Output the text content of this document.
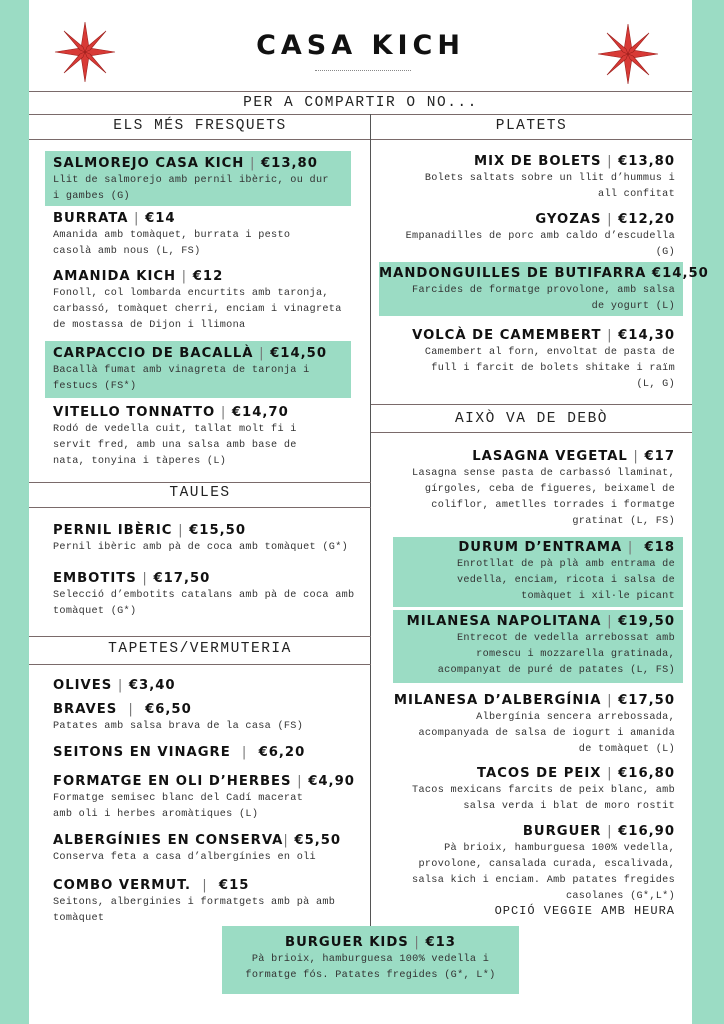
CASA KICH
PER A COMPARTIR O NO...
ELS MÉS FRESQUETS	PLATETS
SALMOREJO CASA KICH | €13,80
Llit de salmorejo amb pernil ibèric, ou dur i gambes (G)
BURRATA | €14
Amanida amb tomàquet, burrata i pesto casolà amb nous (L, FS)
AMANIDA KICH | €12
Fonoll, col lombarda encurtits amb taronja, carbassó, tomàquet cherri, enciam i vinagreta de mostassa de Dijon i llimona
CARPACCIO DE BACALLÀ | €14,50
Bacallà fumat amb vinagreta de taronja i festucs (FS*)
VITELLO TONNATTO | €14,70
Rodó de vedella cuit, tallat molt fi i servit fred, amb una salsa amb base de nata, tonyina i tàperes (L)
TAULES
PERNIL IBÈRIC | €15,50
Pernil ibèric amb pà de coca amb tomàquet (G*)
EMBOTITS | €17,50
Selecció d’embotits catalans amb pà de coca amb tomàquet (G*)
TAPETES/VERMUTERIA
OLIVES | €3,40
BRAVES | €6,50
Patates amb salsa brava de la casa (FS)
SEITONS EN VINAGRE | €6,20
FORMATGE EN OLI D’HERBES | €4,90
Formatge semisec blanc del Cadí macerat amb oli i herbes aromàtiques (L)
ALBERGÍNIES EN CONSERVA| €5,50
Conserva feta a casa d’albergínies en oli
COMBO VERMUT. | €15
Seitons, alberginies i formatgets amb pà amb tomàquet
MIX DE BOLETS | €13,80
Bolets saltats sobre un llit d’hummus i all confitat
GYOZAS | €12,20
Empanadilles de porc amb caldo d’escudella (G)
MANDONGUILLES DE BUTIFARRA €14,50
Farcides de formatge provolone, amb salsa de yogurt (L)
VOLCÀ DE CAMEMBERT | €14,30
Camembert al forn, envoltat de pasta de full i farcit de bolets shitake i raïm (L, G)
AIXÒ VA DE DEBÒ
LASAGNA VEGETAL | €17
Lasagna sense pasta de carbassó llaminat, gírgoles, ceba de figueres, beixamel de coliflor, ametlles torrades i formatge gratinat (L, FS)
DURUM D’ENTRAMA | €18
Enrotllat de pà plà amb entrama de vedella, enciam, ricota i salsa de tomàquet i xil·le picant
MILANESA NAPOLITANA | €19,50
Entrecot de vedella arrebossat amb romescu i mozzarella gratinada, acompanyat de puré de patates (L, FS)
MILANESA D’ALBERGÍNIA | €17,50
Albergínia sencera arrebossada, acompanyada de salsa de iogurt i amanida de tomàquet (L)
TACOS DE PEIX | €16,80
Tacos mexicans farcits de peix blanc, amb salsa verda i blat de moro rostit
BURGUER | €16,90
Pà brioix, hamburguesa 100% vedella, provolone, cansalada curada, escalivada, salsa kich i enciam. Amb patates fregides casolanes (G*,L*)
OPCIÓ VEGGIE AMB HEURA
BURGUER KIDS | €13
Pà brioix, hamburguesa 100% vedella i formatge fós. Patates fregides (G*, L*)
